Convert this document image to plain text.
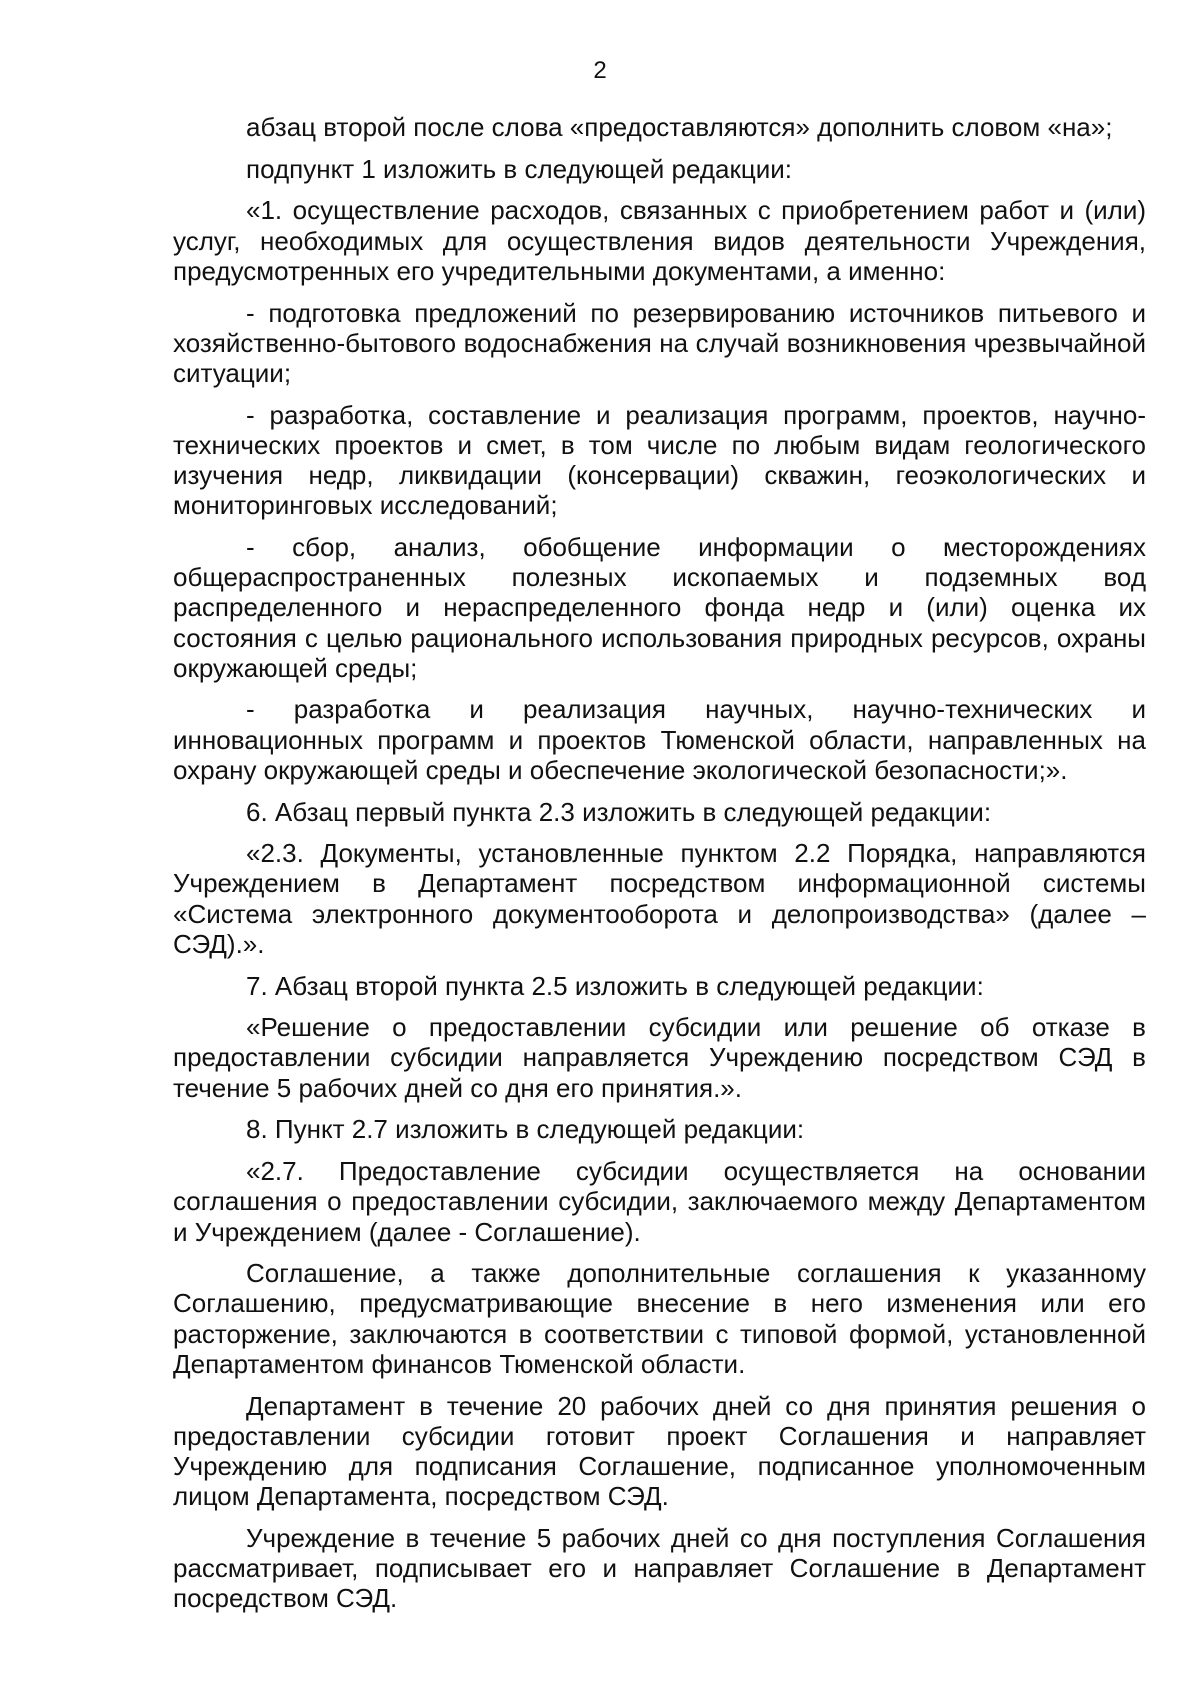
2

абзац второй после слова «предоставляются» дополнить словом «на»;

подпункт 1 изложить в следующей редакции:

«1. осуществление расходов, связанных с приобретением работ и (или) услуг, необходимых для осуществления видов деятельности Учреждения, предусмотренных его учредительными документами, а именно:

- подготовка предложений по резервированию источников питьевого и хозяйственно-бытового водоснабжения на случай возникновения чрезвычайной ситуации;

- разработка, составление и реализация программ, проектов, научно-технических проектов и смет, в том числе по любым видам геологического изучения недр, ликвидации (консервации) скважин, геоэкологических и мониторинговых исследований;

- сбор, анализ, обобщение информации о месторождениях общераспространенных полезных ископаемых и подземных вод распределенного и нераспределенного фонда недр и (или) оценка их состояния с целью рационального использования природных ресурсов, охраны окружающей среды;

- разработка и реализация научных, научно-технических и инновационных программ и проектов Тюменской области, направленных на охрану окружающей среды и обеспечение экологической безопасности;».

6. Абзац первый пункта 2.3 изложить в следующей редакции:

«2.3. Документы, установленные пунктом 2.2 Порядка, направляются Учреждением в Департамент посредством информационной системы «Система электронного документооборота и делопроизводства» (далее – СЭД).».

7. Абзац второй пункта 2.5 изложить в следующей редакции:

«Решение о предоставлении субсидии или решение об отказе в предоставлении субсидии направляется Учреждению посредством СЭД в течение 5 рабочих дней со дня его принятия.».

8. Пункт 2.7 изложить в следующей редакции:

«2.7. Предоставление субсидии осуществляется на основании соглашения о предоставлении субсидии, заключаемого между Департаментом и Учреждением (далее - Соглашение).

Соглашение, а также дополнительные соглашения к указанному Соглашению, предусматривающие внесение в него изменения или его расторжение, заключаются в соответствии с типовой формой, установленной Департаментом финансов Тюменской области.

Департамент в течение 20 рабочих дней со дня принятия решения о предоставлении субсидии готовит проект Соглашения и направляет Учреждению для подписания Соглашение, подписанное уполномоченным лицом Департамента, посредством СЭД.

Учреждение в течение 5 рабочих дней со дня поступления Соглашения рассматривает, подписывает его и направляет Соглашение в Департамент посредством СЭД.
